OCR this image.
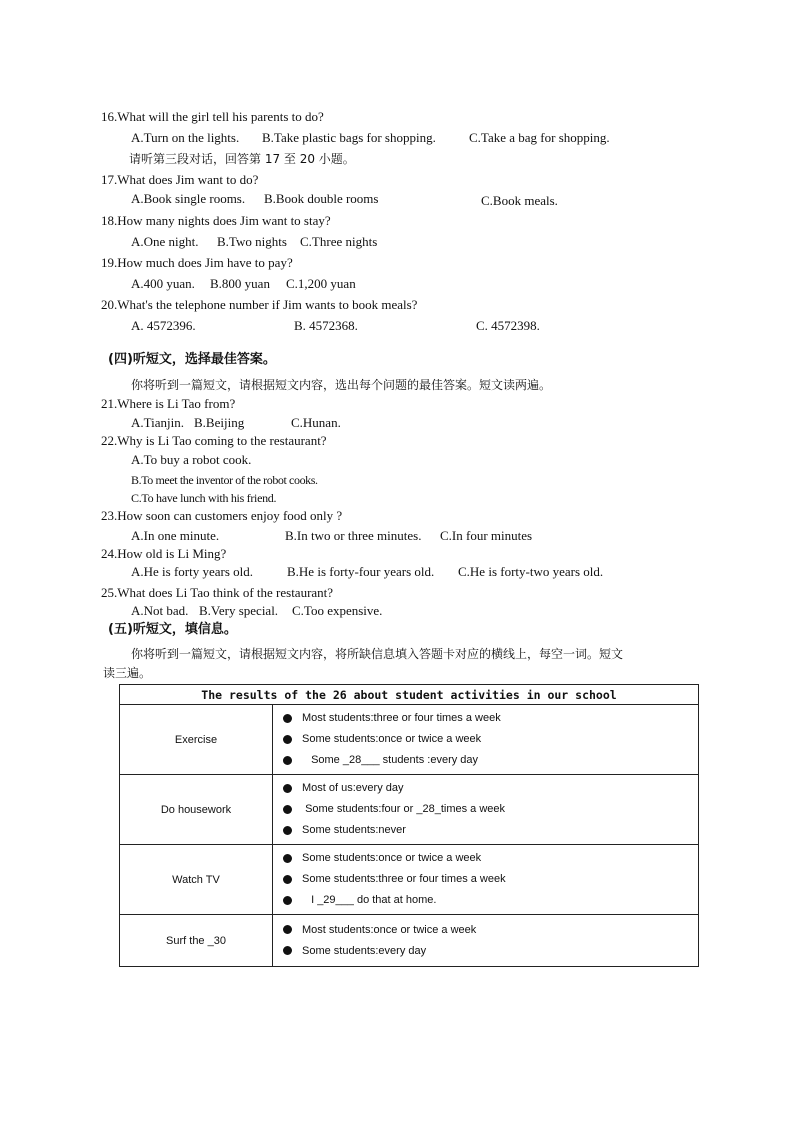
16.What will the girl tell his parents to do?
A.Turn on the lights. B.Take plastic bags for shopping.	C.Take a bag for shopping.
请听第三段对话，回答第 17 至 20 小题。
17.What does Jim want to do?
A.Book single rooms. B.Book double rooms	C.Book meals.
18.How many nights does Jim want to stay?
A.One night. B.Two nights C.Three nights
19.How much does Jim have to pay?
A.400 yuan. B.800 yuan C.1,200 yuan
20.What's the telephone number if Jim wants to book meals?
A. 4572396.	B. 4572368.	C. 4572398.
(四)听短文，选择最佳答案。
你将听到一篇短文，请根据短文内容，选出每个问题的最佳答案。短文读两遍。
21.Where is Li Tao from?
A.Tianjin. B.Beijing	C.Hunan.
22.Why is Li Tao coming to the restaurant?
A.To buy a robot cook.
B.To meet the inventor of the robot cooks.
C.To have lunch with his friend.
23.How soon can customers enjoy food only ?
A.In one minute.	B.In two or three minutes. C.In four minutes
24.How old is Li Ming?
A.He is forty years old.	B.He is forty-four years old. C.He is forty-two years old.
25.What does Li Tao think of the restaurant?
A.Not bad. B.Very special. C.Too expensive.
(五)听短文，填信息。
你将听到一篇短文，请根据短文内容，将所缺信息填入答题卡对应的横线上，每空一词。短文
读三遍。
The results of the 26 about student activities in our school	
Exercise	Most students:three or four times a week
Some students:once or twice a week
Some _28___ students :every day

Do housework	Most of us:every day
Some students:four or _28_times a week
Some students:never

Watch TV	Some students:once or twice a week
Some students:three or four times a week
I _29___ do that at home.

Surf the _30	Most students:once or twice a week
Some students:every day
